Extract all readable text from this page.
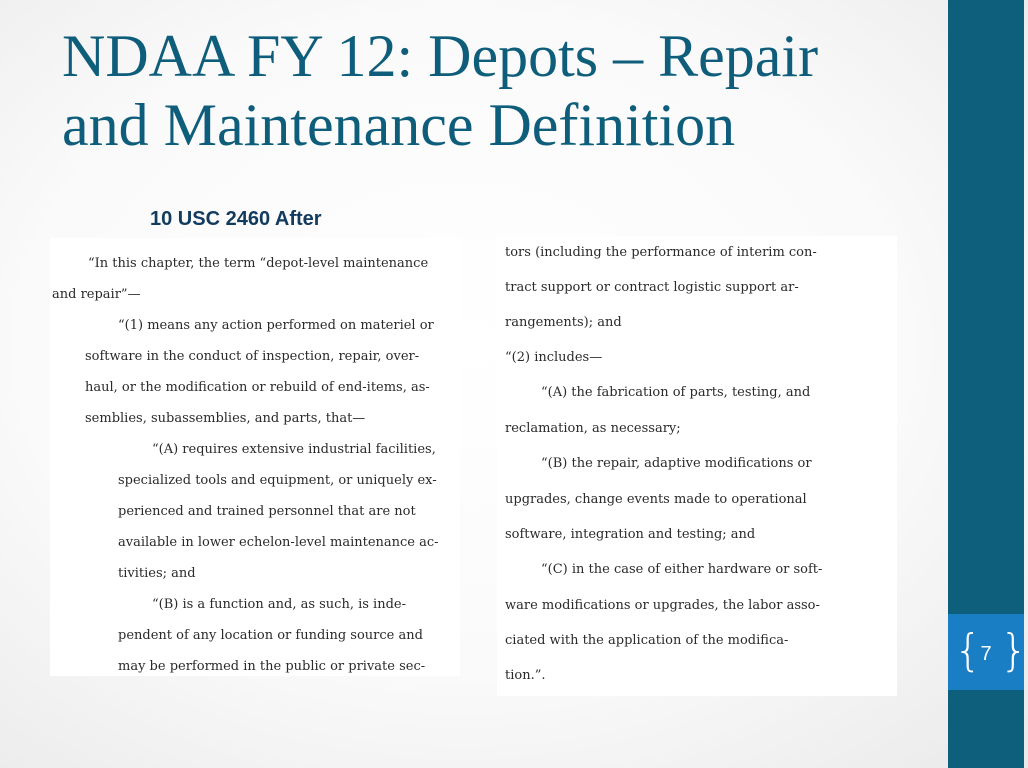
{ }
7
NDAA FY 12: Depots – Repair
and Maintenance Definition

10 USC 2460 After

“In this chapter, the term “depot-level maintenance
and repair”—
“(1) means any action performed on materiel or
software in the conduct of inspection, repair, over-
haul, or the modification or rebuild of end-items, as-
semblies, subassemblies, and parts, that—
“(A) requires extensive industrial facilities,
specialized tools and equipment, or uniquely ex-
perienced and trained personnel that are not
available in lower echelon-level maintenance ac-
tivities; and
“(B) is a function and, as such, is inde-
pendent of any location or funding source and
may be performed in the public or private sec-
tors (including the performance of interim con-
tract support or contract logistic support ar-
rangements); and
“(2) includes—
“(A) the fabrication of parts, testing, and
reclamation, as necessary;
“(B) the repair, adaptive modifications or
upgrades, change events made to operational
software, integration and testing; and
“(C) in the case of either hardware or soft-
ware modifications or upgrades, the labor asso-
ciated with the application of the modifica-
tion.”.
